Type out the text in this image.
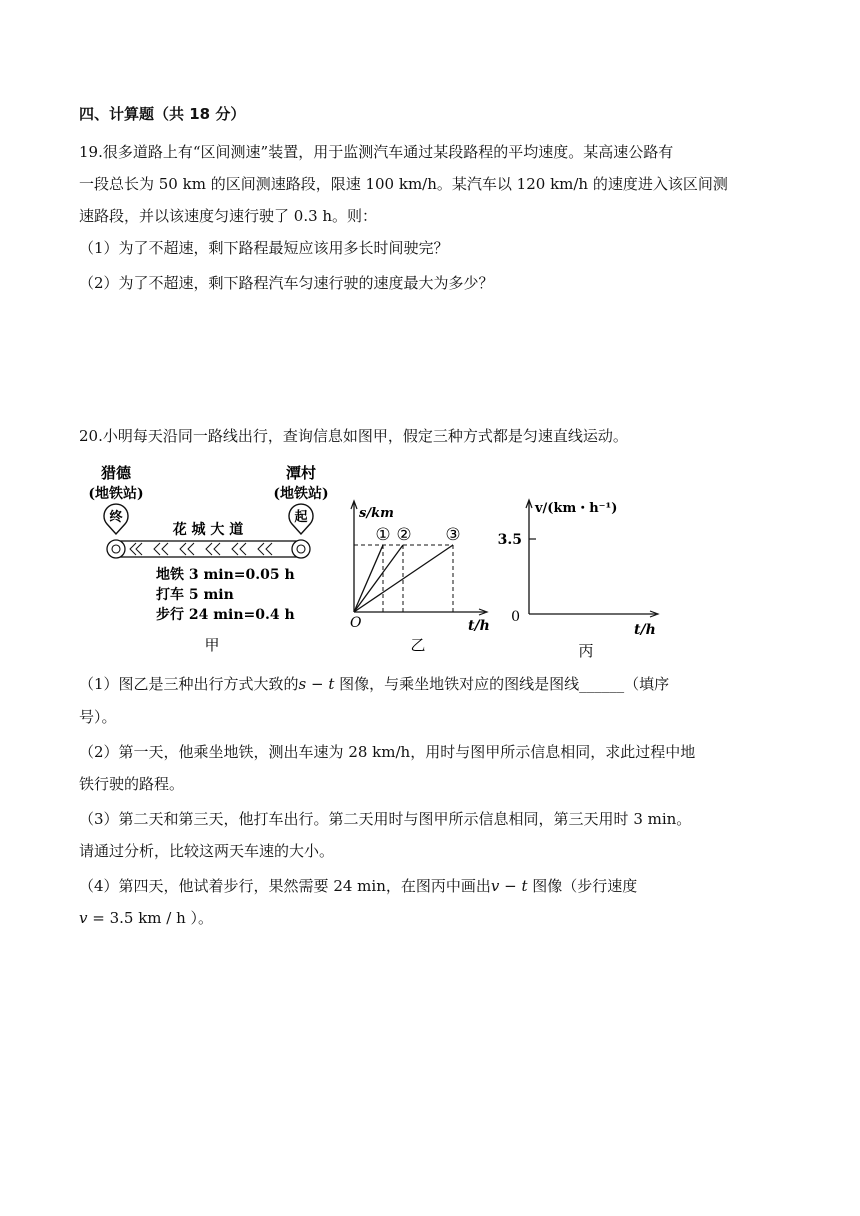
四、计算题（共 18 分）
19.很多道路上有“区间测速”装置，用于监测汽车通过某段路程的平均速度。某高速公路有
一段总长为 50 km 的区间测速路段，限速 100 km/h。某汽车以 120 km/h 的速度进入该区间测
速路段，并以该速度匀速行驶了 0.3 h。则：
（1）为了不超速，剩下路程最短应该用多长时间驶完？
（2）为了不超速，剩下路程汽车匀速行驶的速度最大为多少？
20.小明每天沿同一路线出行，查询信息如图甲，假定三种方式都是匀速直线运动。
猎德
(地铁站)
潭村
(地铁站)
终	起
花 城 大 道
地铁 3 min=0.05 h
打车 5 min
步行 24 min=0.4 h
甲
s/km
t/h
O
① ② ③
乙
v/(km・h⁻¹)
3.5
0
t/h
丙
（1）图乙是三种出行方式大致的s − t 图像，与乘坐地铁对应的图线是图线______（填序
号）。
（2）第一天，他乘坐地铁，测出车速为 28 km/h，用时与图甲所示信息相同，求此过程中地
铁行驶的路程。
（3）第二天和第三天，他打车出行。第二天用时与图甲所示信息相同，第三天用时 3 min。
请通过分析，比较这两天车速的大小。
（4）第四天，他试着步行，果然需要 24 min，在图丙中画出v − t 图像（步行速度
v = 3.5 km / h ）。
